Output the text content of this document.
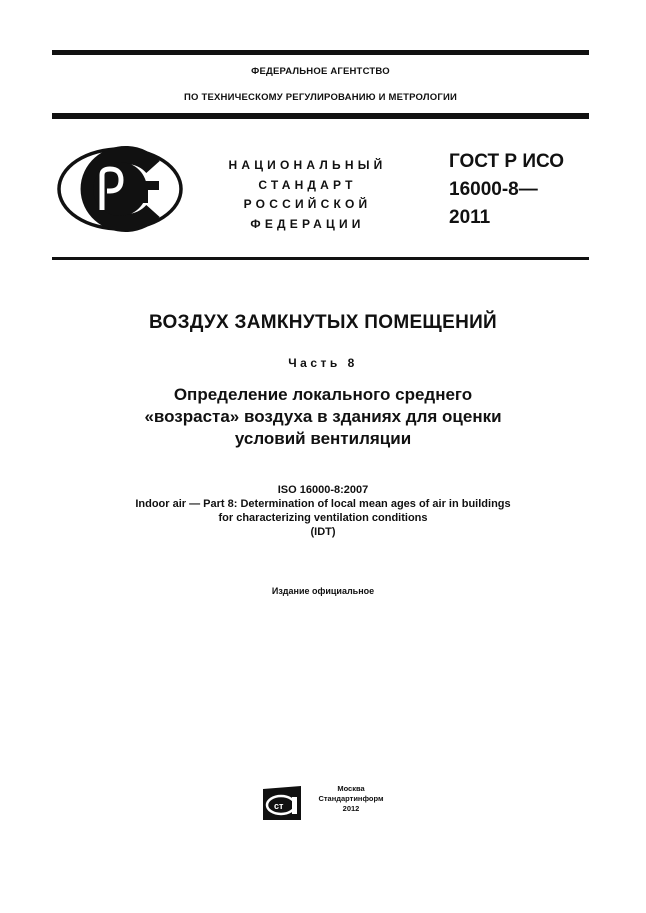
ФЕДЕРАЛЬНОЕ АГЕНТСТВО
ПО ТЕХНИЧЕСКОМУ РЕГУЛИРОВАНИЮ И МЕТРОЛОГИИ
НАЦИОНАЛЬНЫЙ
СТАНДАРТ
РОССИЙСКОЙ
ФЕДЕРАЦИИ
ГОСТ Р ИСО
16000-8—
2011
ВОЗДУХ ЗАМКНУТЫХ ПОМЕЩЕНИЙ
Часть 8
Определение локального среднего
«возраста» воздуха в зданиях для оценки
условий вентиляции
ISO 16000-8:2007
Indoor air — Part 8: Determination of local mean ages of air in buildings
for characterizing ventilation conditions
(IDT)
Издание официальное
ст
Москва
Стандартинформ
2012
